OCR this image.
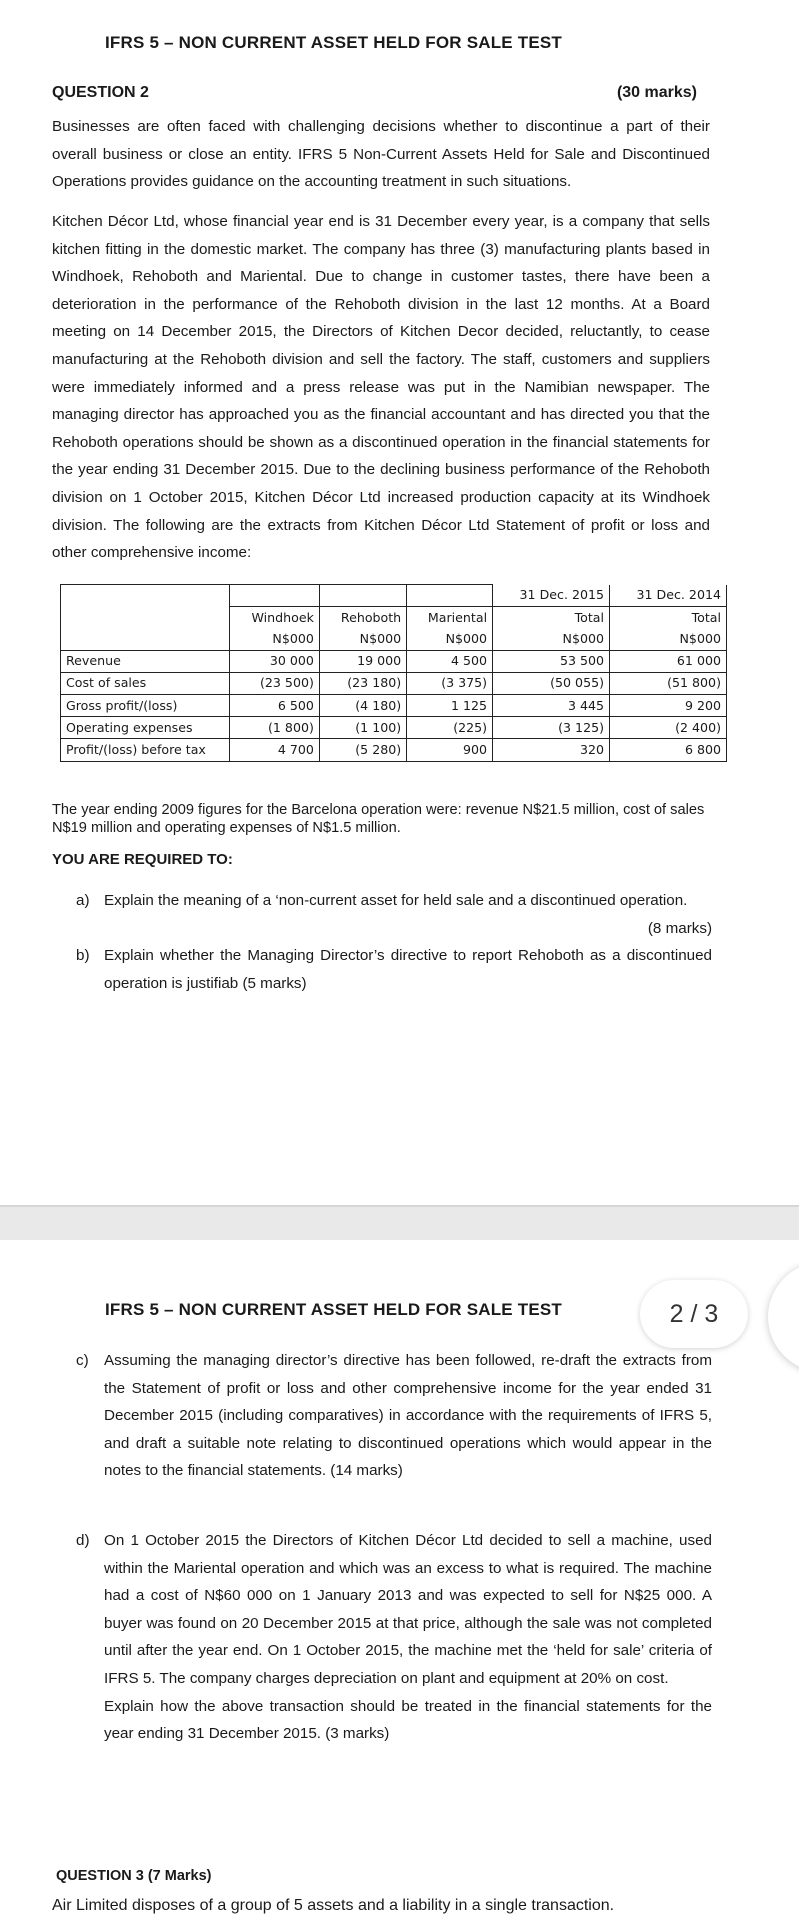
IFRS 5 – NON CURRENT ASSET HELD FOR SALE TEST
QUESTION 2	(30 marks)

Businesses are often faced with challenging decisions whether to discontinue a part of their overall business or close an entity. IFRS 5 Non-Current Assets Held for Sale and Discontinued Operations provides guidance on the accounting treatment in such situations.

Kitchen Décor Ltd, whose financial year end is 31 December every year, is a company that sells kitchen fitting in the domestic market. The company has three (3) manufacturing plants based in Windhoek, Rehoboth and Mariental. Due to change in customer tastes, there have been a deterioration in the performance of the Rehoboth division in the last 12 months. At a Board meeting on 14 December 2015, the Directors of Kitchen Decor decided, reluctantly, to cease manufacturing at the Rehoboth division and sell the factory. The staff, customers and suppliers were immediately informed and a press release was put in the Namibian newspaper. The managing director has approached you as the financial accountant and has directed you that the Rehoboth operations should be shown as a discontinued operation in the financial statements for the year ending 31 December 2015. Due to the declining business performance of the Rehoboth division on 1 October 2015, Kitchen Décor Ltd increased production capacity at its Windhoek division. The following are the extracts from Kitchen Décor Ltd Statement of profit or loss and other comprehensive income:

				31 Dec. 2015	31 Dec. 2014
	Windhoek	Rehoboth	Mariental	Total	Total
	N$000	N$000	N$000	N$000	N$000
Revenue	30 000	19 000	4 500	53 500	61 000
Cost of sales	(23 500)	(23 180)	(3 375)	(50 055)	(51 800)
Gross profit/(loss)	6 500	(4 180)	1 125	3 445	9 200
Operating expenses	(1 800)	(1 100)	(225)	(3 125)	(2 400)
Profit/(loss) before tax	4 700	(5 280)	900	320	6 800

The year ending 2009 figures for the Barcelona operation were: revenue N$21.5 million, cost of sales N$19 million and operating expenses of N$1.5 million.

YOU ARE REQUIRED TO:
a) Explain the meaning of a ‘non-current asset for held sale and a discontinued operation.
(8 marks)
b) Explain whether the Managing Director’s directive to report Rehoboth as a discontinued operation is justifiab (5 marks)
IFRS 5 – NON CURRENT ASSET HELD FOR SALE TEST
c) Assuming the managing director’s directive has been followed, re-draft the extracts from the Statement of profit or loss and other comprehensive income for the year ended 31 December 2015 (including comparatives) in accordance with the requirements of IFRS 5, and draft a suitable note relating to discontinued operations which would appear in the notes to the financial statements. (14 marks)
d) On 1 October 2015 the Directors of Kitchen Décor Ltd decided to sell a machine, used within the Mariental operation and which was an excess to what is required. The machine had a cost of N$60 000 on 1 January 2013 and was expected to sell for N$25 000. A buyer was found on 20 December 2015 at that price, although the sale was not completed until after the year end. On 1 October 2015, the machine met the ‘held for sale’ criteria of IFRS 5. The company charges depreciation on plant and equipment at 20% on cost.
Explain how the above transaction should be treated in the financial statements for the year ending 31 December 2015. (3 marks)
2 / 3
QUESTION 3 (7 Marks)
Air Limited disposes of a group of 5 assets and a liability in a single transaction.
